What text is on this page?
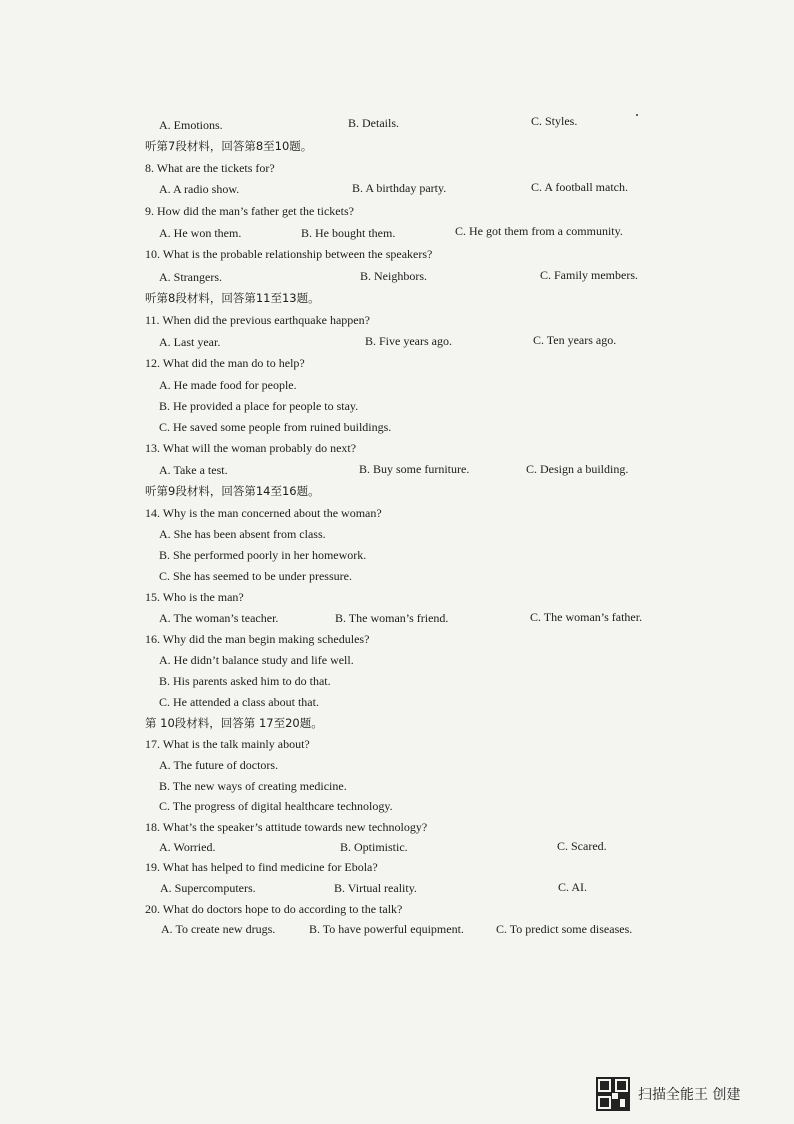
A. Emotions.	B. Details.	C. Styles.
听第7段材料，回答第8至10题。
8. What are the tickets for?
A. A radio show.	B. A birthday party.	C. A football match.
9. How did the man’s father get the tickets?
A. He won them.	B. He bought them.	C. He got them from a community.
10. What is the probable relationship between the speakers?
A. Strangers.	B. Neighbors.	C. Family members.
听第8段材料，回答第11至13题。
11. When did the previous earthquake happen?
A. Last year.	B. Five years ago.	C. Ten years ago.
12. What did the man do to help?
A. He made food for people.
B. He provided a place for people to stay.
C. He saved some people from ruined buildings.
13. What will the woman probably do next?
A. Take a test.	B. Buy some furniture.	C. Design a building.
听第9段材料，回答第14至16题。
14. Why is the man concerned about the woman?
A. She has been absent from class.
B. She performed poorly in her homework.
C. She has seemed to be under pressure.
15. Who is the man?
A. The woman’s teacher.	B. The woman’s friend.	C. The woman’s father.
16. Why did the man begin making schedules?
A. He didn’t balance study and life well.
B. His parents asked him to do that.
C. He attended a class about that.
第 10段材料，回答第 17至20题。
17. What is the talk mainly about?
A. The future of doctors.
B. The new ways of creating medicine.
C. The progress of digital healthcare technology.
18. What’s the speaker’s attitude towards new technology?
A. Worried.	B. Optimistic.	C. Scared.
19. What has helped to find medicine for Ebola?
A. Supercomputers.	B. Virtual reality.	C. AI.
20. What do doctors hope to do according to the talk?
A. To create new drugs.	B. To have powerful equipment.	C. To predict some diseases.
扫描全能王 创建
